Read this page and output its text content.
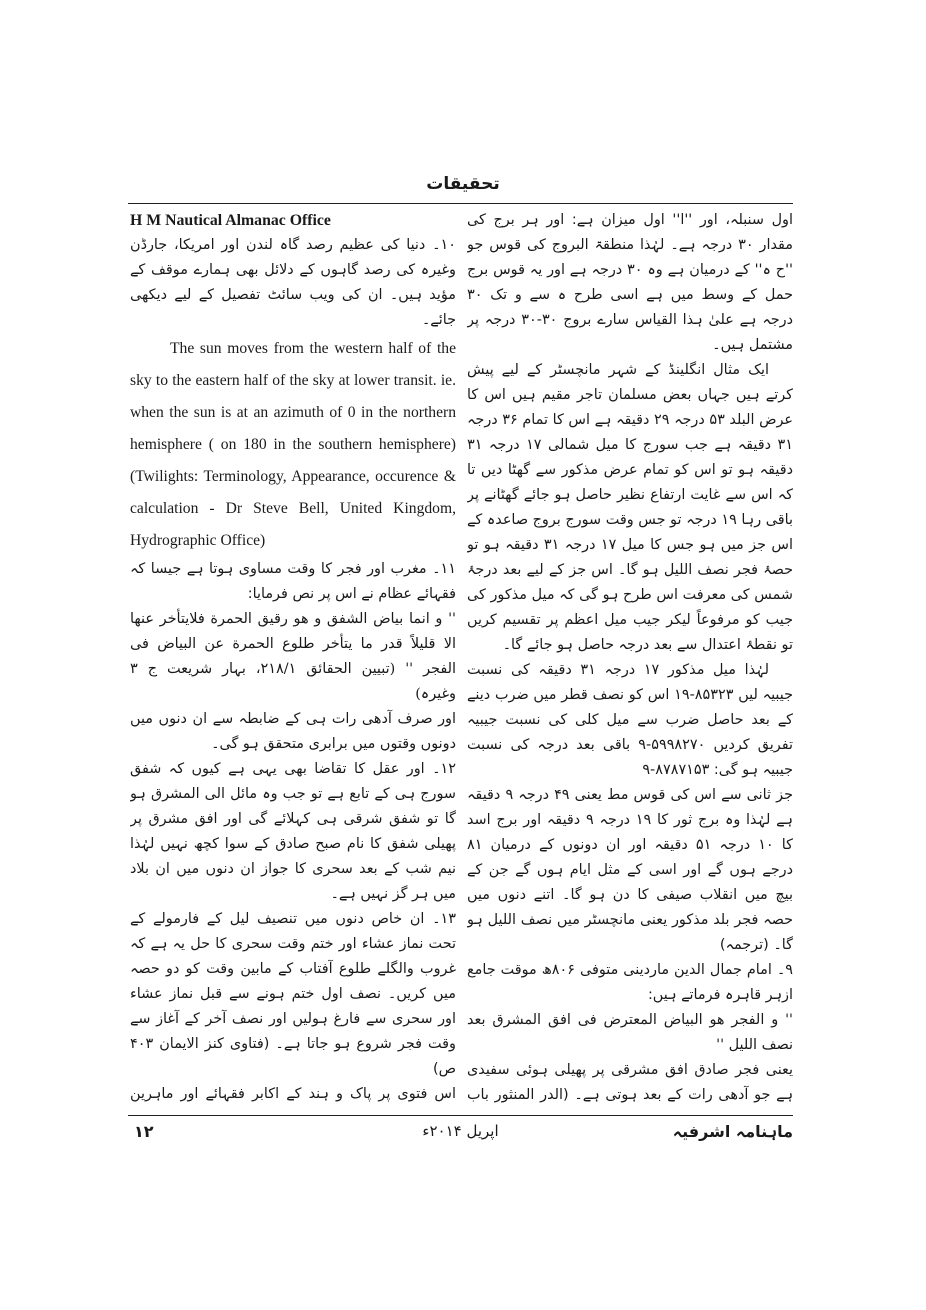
تحقیقات

اول سنبلہ، اور ''ا'' اول میزان ہے: اور ہر برج کی مقدار ۳۰ درجہ ہے۔ لہٰذا منطقۃ البروج کی قوس جو ''ح ہ'' کے درمیان ہے وہ ۳۰ درجہ ہے اور یہ قوس برج حمل کے وسط میں ہے اسی طرح ہ سے و تک ۳۰ درجہ ہے علیٰ ہذا القیاس سارے بروج ۳۰-۳۰ درجہ پر مشتمل ہیں۔

ایک مثال انگلینڈ کے شہر مانچسٹر کے لیے پیش کرتے ہیں جہاں بعض مسلمان تاجر مقیم ہیں اس کا عرض البلد ۵۳ درجہ ۲۹ دقیقہ ہے اس کا تمام ۳۶ درجہ ۳۱ دقیقہ ہے جب سورج کا میل شمالی ۱۷ درجہ ۳۱ دقیقہ ہو تو اس کو تمام عرض مذکور سے گھٹا دیں تا کہ اس سے غایت ارتفاع نظیر حاصل ہو جائے گھٹانے پر باقی رہا ۱۹ درجہ تو جس وقت سورج بروج صاعدہ کے اس جز میں ہو جس کا میل ۱۷ درجہ ۳۱ دقیقہ ہو تو حصۂ فجر نصف اللیل ہو گا۔ اس جز کے لیے بعد درجۂ شمس کی معرفت اس طرح ہو گی کہ میل مذکور کی جیب کو مرفوعاً لیکر جیب میل اعظم پر تقسیم کریں تو نقطۂ اعتدال سے بعد درجہ حاصل ہو جائے گا۔

لہٰذا میل مذکور ۱۷ درجہ ۳۱ دقیقہ کی نسبت جیبیہ لیں ۸۵۳۲۳-۱۹ اس کو نصف قطر میں ضرب دینے کے بعد حاصل ضرب سے میل کلی کی نسبت جیبیہ تفریق کردیں ۵۹۹۸۲۷۰-۹ باقی بعد درجہ کی نسبت جیبیہ ہو گی: ۸۷۸۷۱۵۳-۹

جز ثانی سے اس کی قوس مط یعنی ۴۹ درجہ ۹ دقیقہ ہے لہٰذا وہ برج ثور کا ۱۹ درجہ ۹ دقیقہ اور برج اسد کا ۱۰ درجہ ۵۱ دقیقہ اور ان دونوں کے درمیان ۸۱ درجے ہوں گے اور اسی کے مثل ایام ہوں گے جن کے بیچ میں انقلاب صیفی کا دن ہو گا۔ اتنے دنوں میں حصہ فجر بلد مذکور یعنی مانچسٹر میں نصف اللیل ہو گا۔ (ترجمہ)

۹۔ امام جمال الدین ماردینی متوفی ۸۰۶ھ موقت جامع ازہر قاہرہ فرماتے ہیں:

'' و الفجر هو البياض المعترض فی افق المشرق بعد نصف الليل ''

یعنی فجر صادق افق مشرقی پر پھیلی ہوئی سفیدی ہے جو آدھی رات کے بعد ہوتی ہے۔ (الدر المنثور باب

H M Nautical Almanac Office

۱۰۔ دنیا کی عظیم رصد گاہ لندن اور امریکا، جارڈن وغیرہ کی رصد گاہوں کے دلائل بھی ہمارے موقف کے مؤید ہیں۔ ان کی ویب سائٹ تفصیل کے لیے دیکھی جائے۔

The sun moves from the western half of the sky to the eastern half of the sky at lower transit. ie. when the sun is at an azimuth of 0 in the northern hemisphere ( on 180 in the southern hemisphere) (Twilights: Terminology, Appearance, occurence & calculation - Dr Steve Bell, United Kingdom, Hydrographic Office)

۱۱۔ مغرب اور فجر کا وقت مساوی ہوتا ہے جیسا کہ فقہائے عظام نے اس پر نص فرمایا:

'' و انما بياض الشفق و هو رقيق الحمرة فلايتأخر عنها الا قليلاً قدر ما يتأخر طلوع الحمرة عن البياض فی الفجر '' (تبیین الحقائق ۲۱۸/۱، بہار شریعت ج ۳ وغیرہ)

اور صرف آدھی رات ہی کے ضابطہ سے ان دنوں میں دونوں وقتوں میں برابری متحقق ہو گی۔

۱۲۔ اور عقل کا تقاضا بھی یہی ہے کیوں کہ شفق سورج ہی کے تابع ہے تو جب وہ مائل الی المشرق ہو گا تو شفق شرقی ہی کہلائے گی اور افق مشرق پر پھیلی شفق کا نام صبح صادق کے سوا کچھ نہیں لہٰذا نیم شب کے بعد سحری کا جواز ان دنوں میں ان بلاد میں ہر گز نہیں ہے۔

۱۳۔ ان خاص دنوں میں تنصیف لیل کے فارمولے کے تحت نماز عشاء اور ختم وقت سحری کا حل یہ ہے کہ غروب والگلے طلوع آفتاب کے مابین وقت کو دو حصہ میں کریں۔ نصف اول ختم ہونے سے قبل نماز عشاء اور سحری سے فارغ ہولیں اور نصف آخر کے آغاز سے وقت فجر شروع ہو جاتا ہے۔ (فتاوی کنز الایمان ۴۰۳ ص)

اس فتوی پر پاک و ہند کے اکابر فقہائے اور ماہرین

۱۲	اپریل ۲۰۱۴ء	ماہنامہ اشرفیہ
